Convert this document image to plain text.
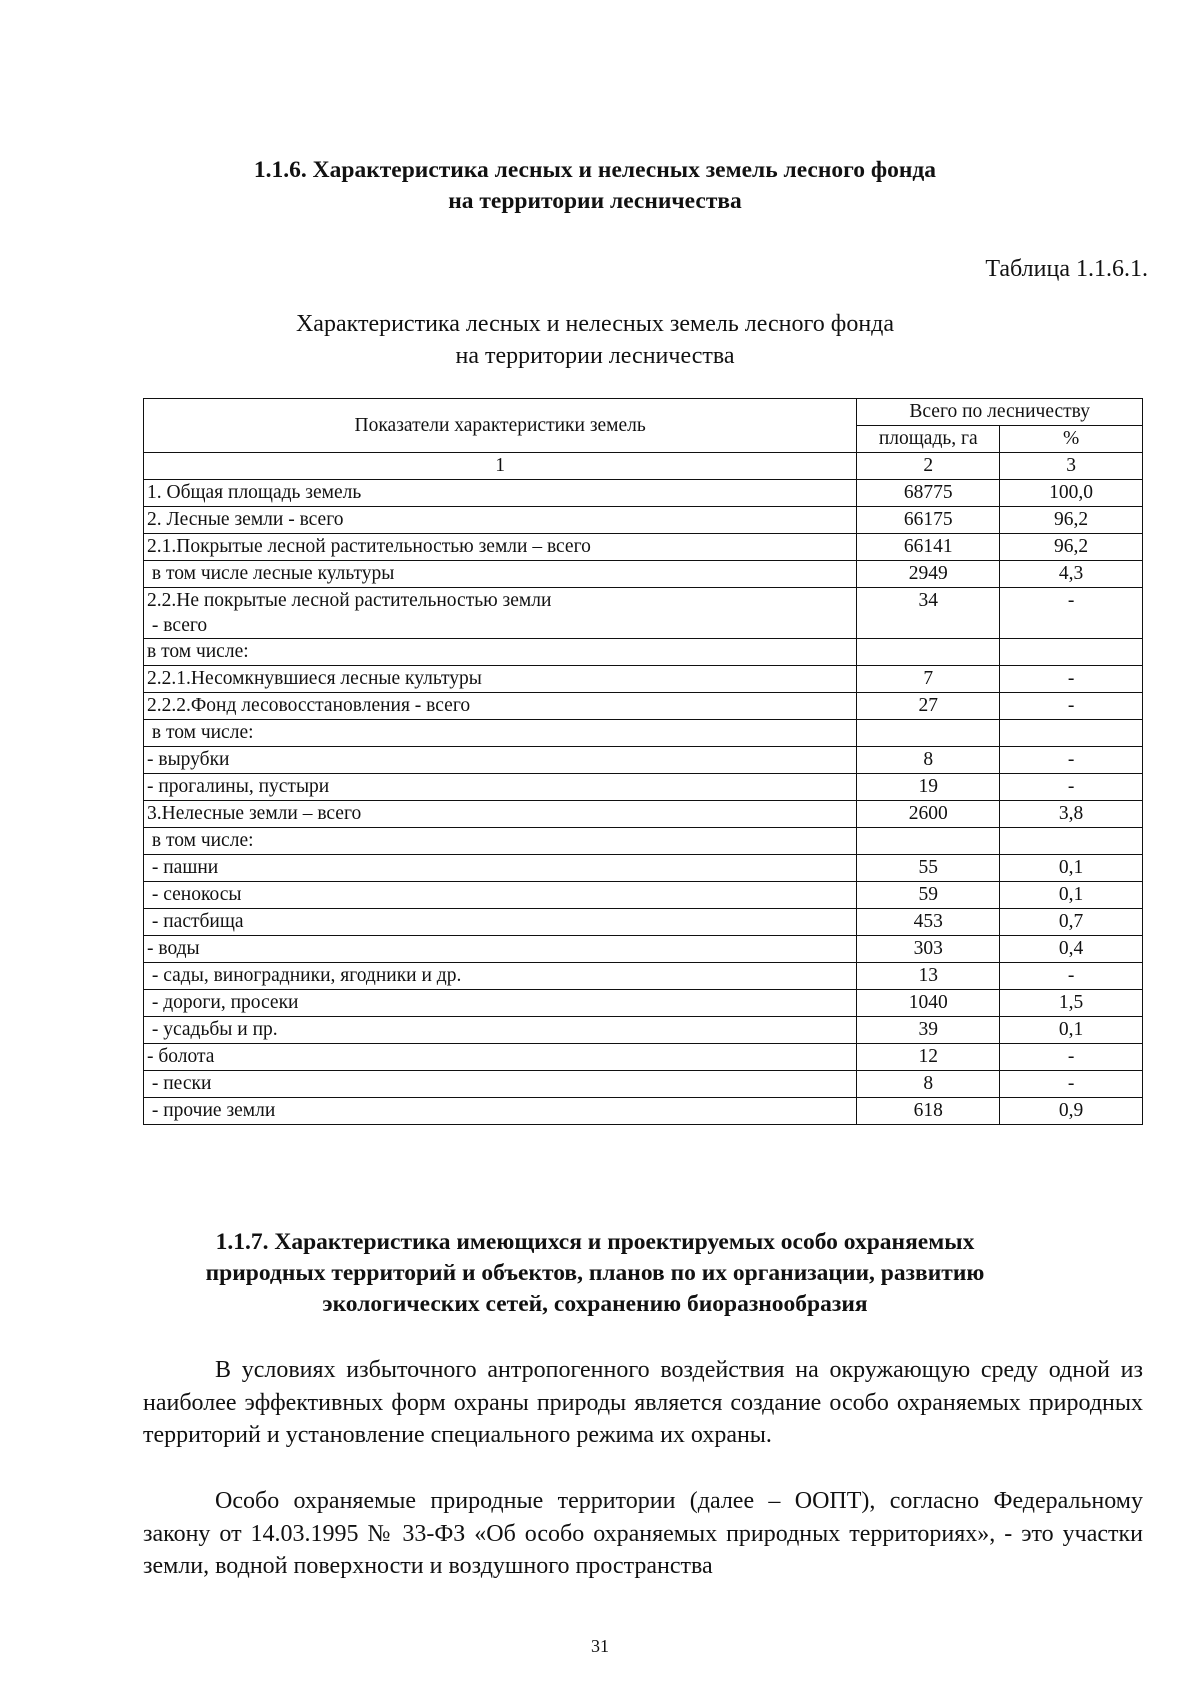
1.1.6. Характеристика лесных и нелесных земель лесного фонда
на территории лесничества
Таблица 1.1.6.1.
Характеристика лесных и нелесных земель лесного фонда
на территории лесничества
Показатели характеристики земель	Всего по лесничеству	
	площадь, га	%
1	2	3

1. Общая площадь земель	68775	100,0

2. Лесные земли - всего	66175	96,2

2.1.Покрытые лесной растительностью земли – всего	66141	96,2

в том числе лесные культуры	2949	4,3

2.2.Не покрытые лесной растительностью земли
- всего	34	-

в том числе:		

2.2.1.Несомкнувшиеся лесные культуры	7	-

2.2.2.Фонд лесовосстановления - всего	27	-

в том числе:		

- вырубки	8	-

- прогалины, пустыри	19	-

3.Нелесные земли – всего	2600	3,8

в том числе:		

- пашни	55	0,1

- сенокосы	59	0,1

- пастбища	453	0,7

- воды	303	0,4

- сады, виноградники, ягодники и др.	13	-

- дороги, просеки	1040	1,5

- усадьбы и пр.	39	0,1

- болота	12	-

- пески	8	-

- прочие земли	618	0,9
1.1.7. Характеристика имеющихся и проектируемых особо охраняемых
природных территорий и объектов, планов по их организации, развитию
экологических сетей, сохранению биоразнообразия
В условиях избыточного антропогенного воздействия на окружающую среду одной из наиболее эффективных форм охраны природы является создание особо охраняемых природных территорий и установление специального режима их охраны.
Особо охраняемые природные территории (далее – ООПТ), согласно Федеральному закону от 14.03.1995 № 33-ФЗ «Об особо охраняемых природных территориях», - это участки земли, водной поверхности и воздушного пространства
31
